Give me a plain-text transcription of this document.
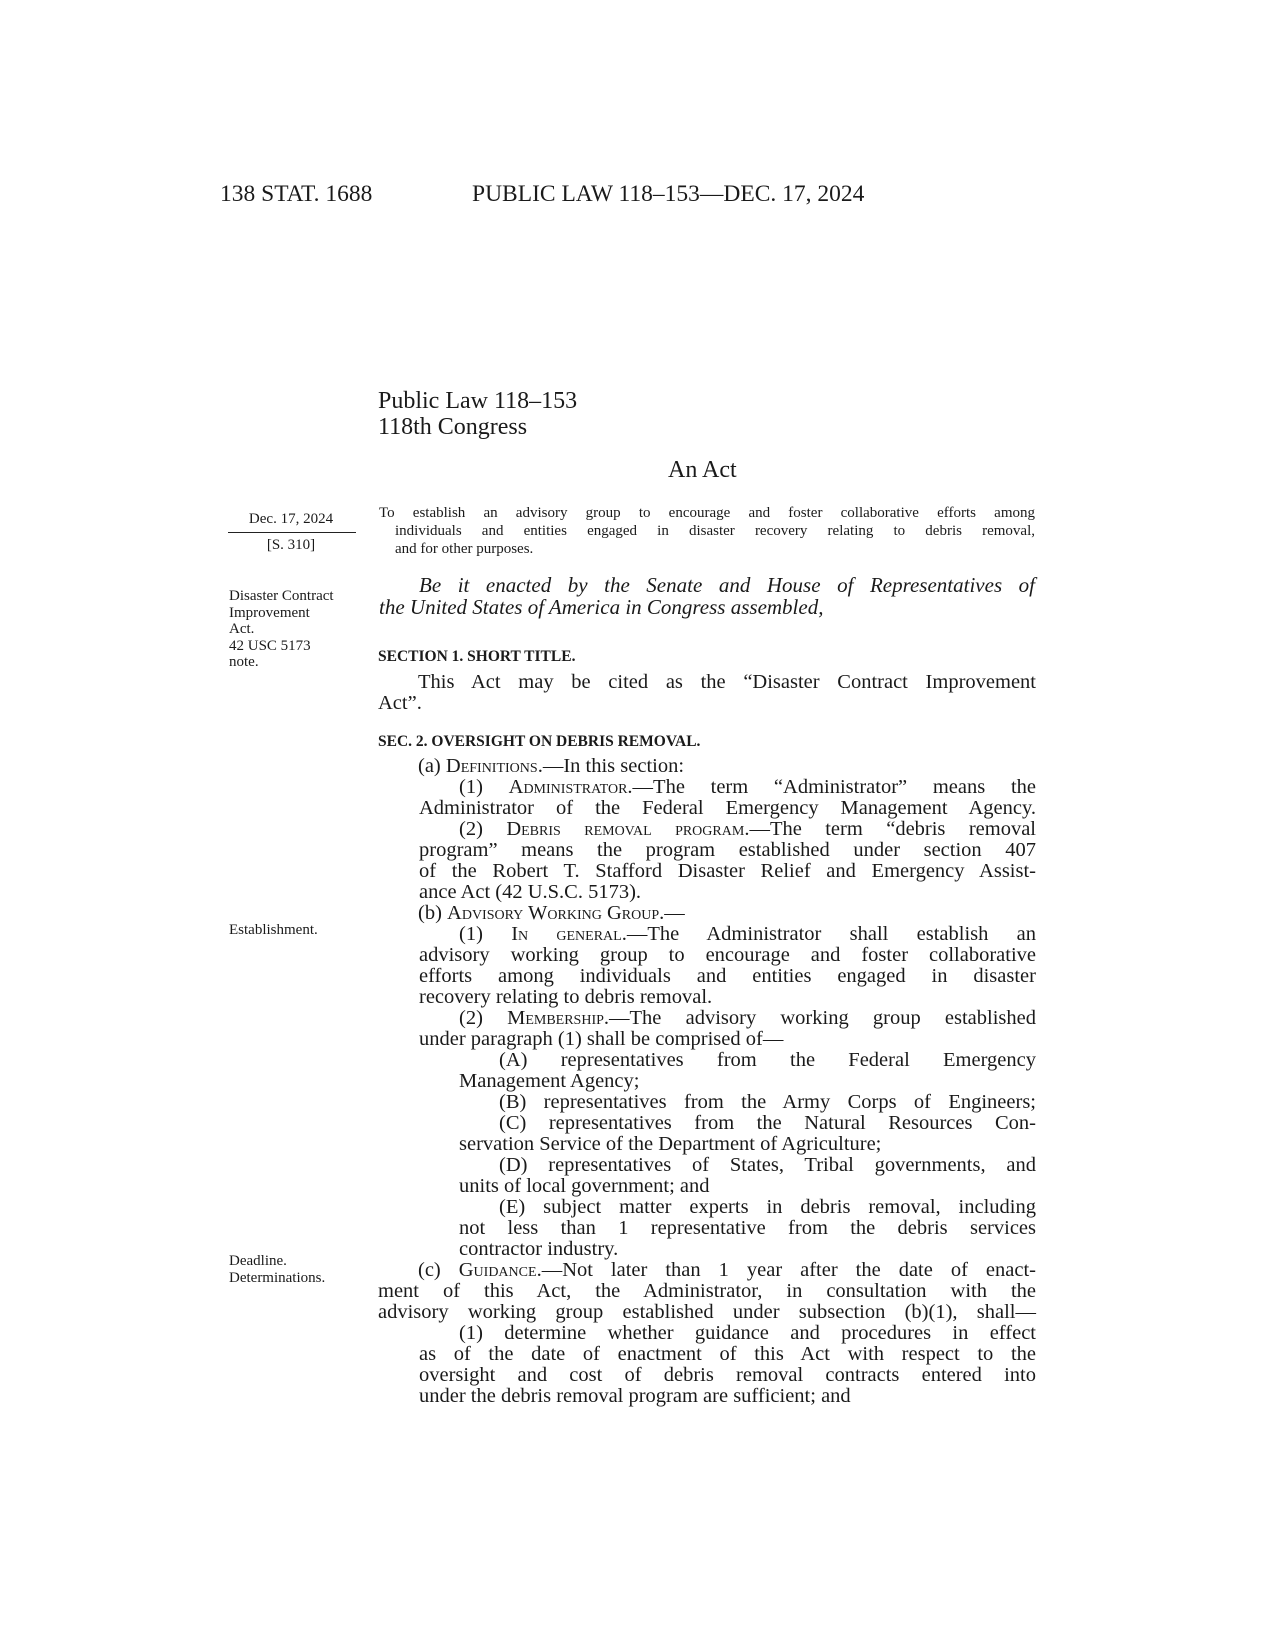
138 STAT. 1688	PUBLIC LAW 118–153—DEC. 17, 2024
Public Law 118–153
118th Congress
An Act
Dec. 17, 2024
[S. 310]
Disaster Contract
Improvement
Act.
42 USC 5173
note.
Establishment.
Deadline.
Determinations.
To establish an advisory group to encourage and foster collaborative efforts among
individuals and entities engaged in disaster recovery relating to debris removal,
and for other purposes.
Be it enacted by the Senate and House of Representatives of
the United States of America in Congress assembled,
SECTION 1. SHORT TITLE.
This Act may be cited as the “Disaster Contract Improvement
Act”.
SEC. 2. OVERSIGHT ON DEBRIS REMOVAL.
(a) Definitions.—In this section:
(1) Administrator.—The term “Administrator” means the
Administrator of the Federal Emergency Management Agency.
(2) Debris removal program.—The term “debris removal
program” means the program established under section 407
of the Robert T. Stafford Disaster Relief and Emergency Assist-
ance Act (42 U.S.C. 5173).
(b) Advisory Working Group.—
(1) In general.—The Administrator shall establish an
advisory working group to encourage and foster collaborative
efforts among individuals and entities engaged in disaster
recovery relating to debris removal.
(2) Membership.—The advisory working group established
under paragraph (1) shall be comprised of—
(A) representatives from the Federal Emergency
Management Agency;
(B) representatives from the Army Corps of Engineers;
(C) representatives from the Natural Resources Con-
servation Service of the Department of Agriculture;
(D) representatives of States, Tribal governments, and
units of local government; and
(E) subject matter experts in debris removal, including
not less than 1 representative from the debris services
contractor industry.
(c) Guidance.—Not later than 1 year after the date of enact-
ment of this Act, the Administrator, in consultation with the
advisory working group established under subsection (b)(1), shall—
(1) determine whether guidance and procedures in effect
as of the date of enactment of this Act with respect to the
oversight and cost of debris removal contracts entered into
under the debris removal program are sufficient; and
